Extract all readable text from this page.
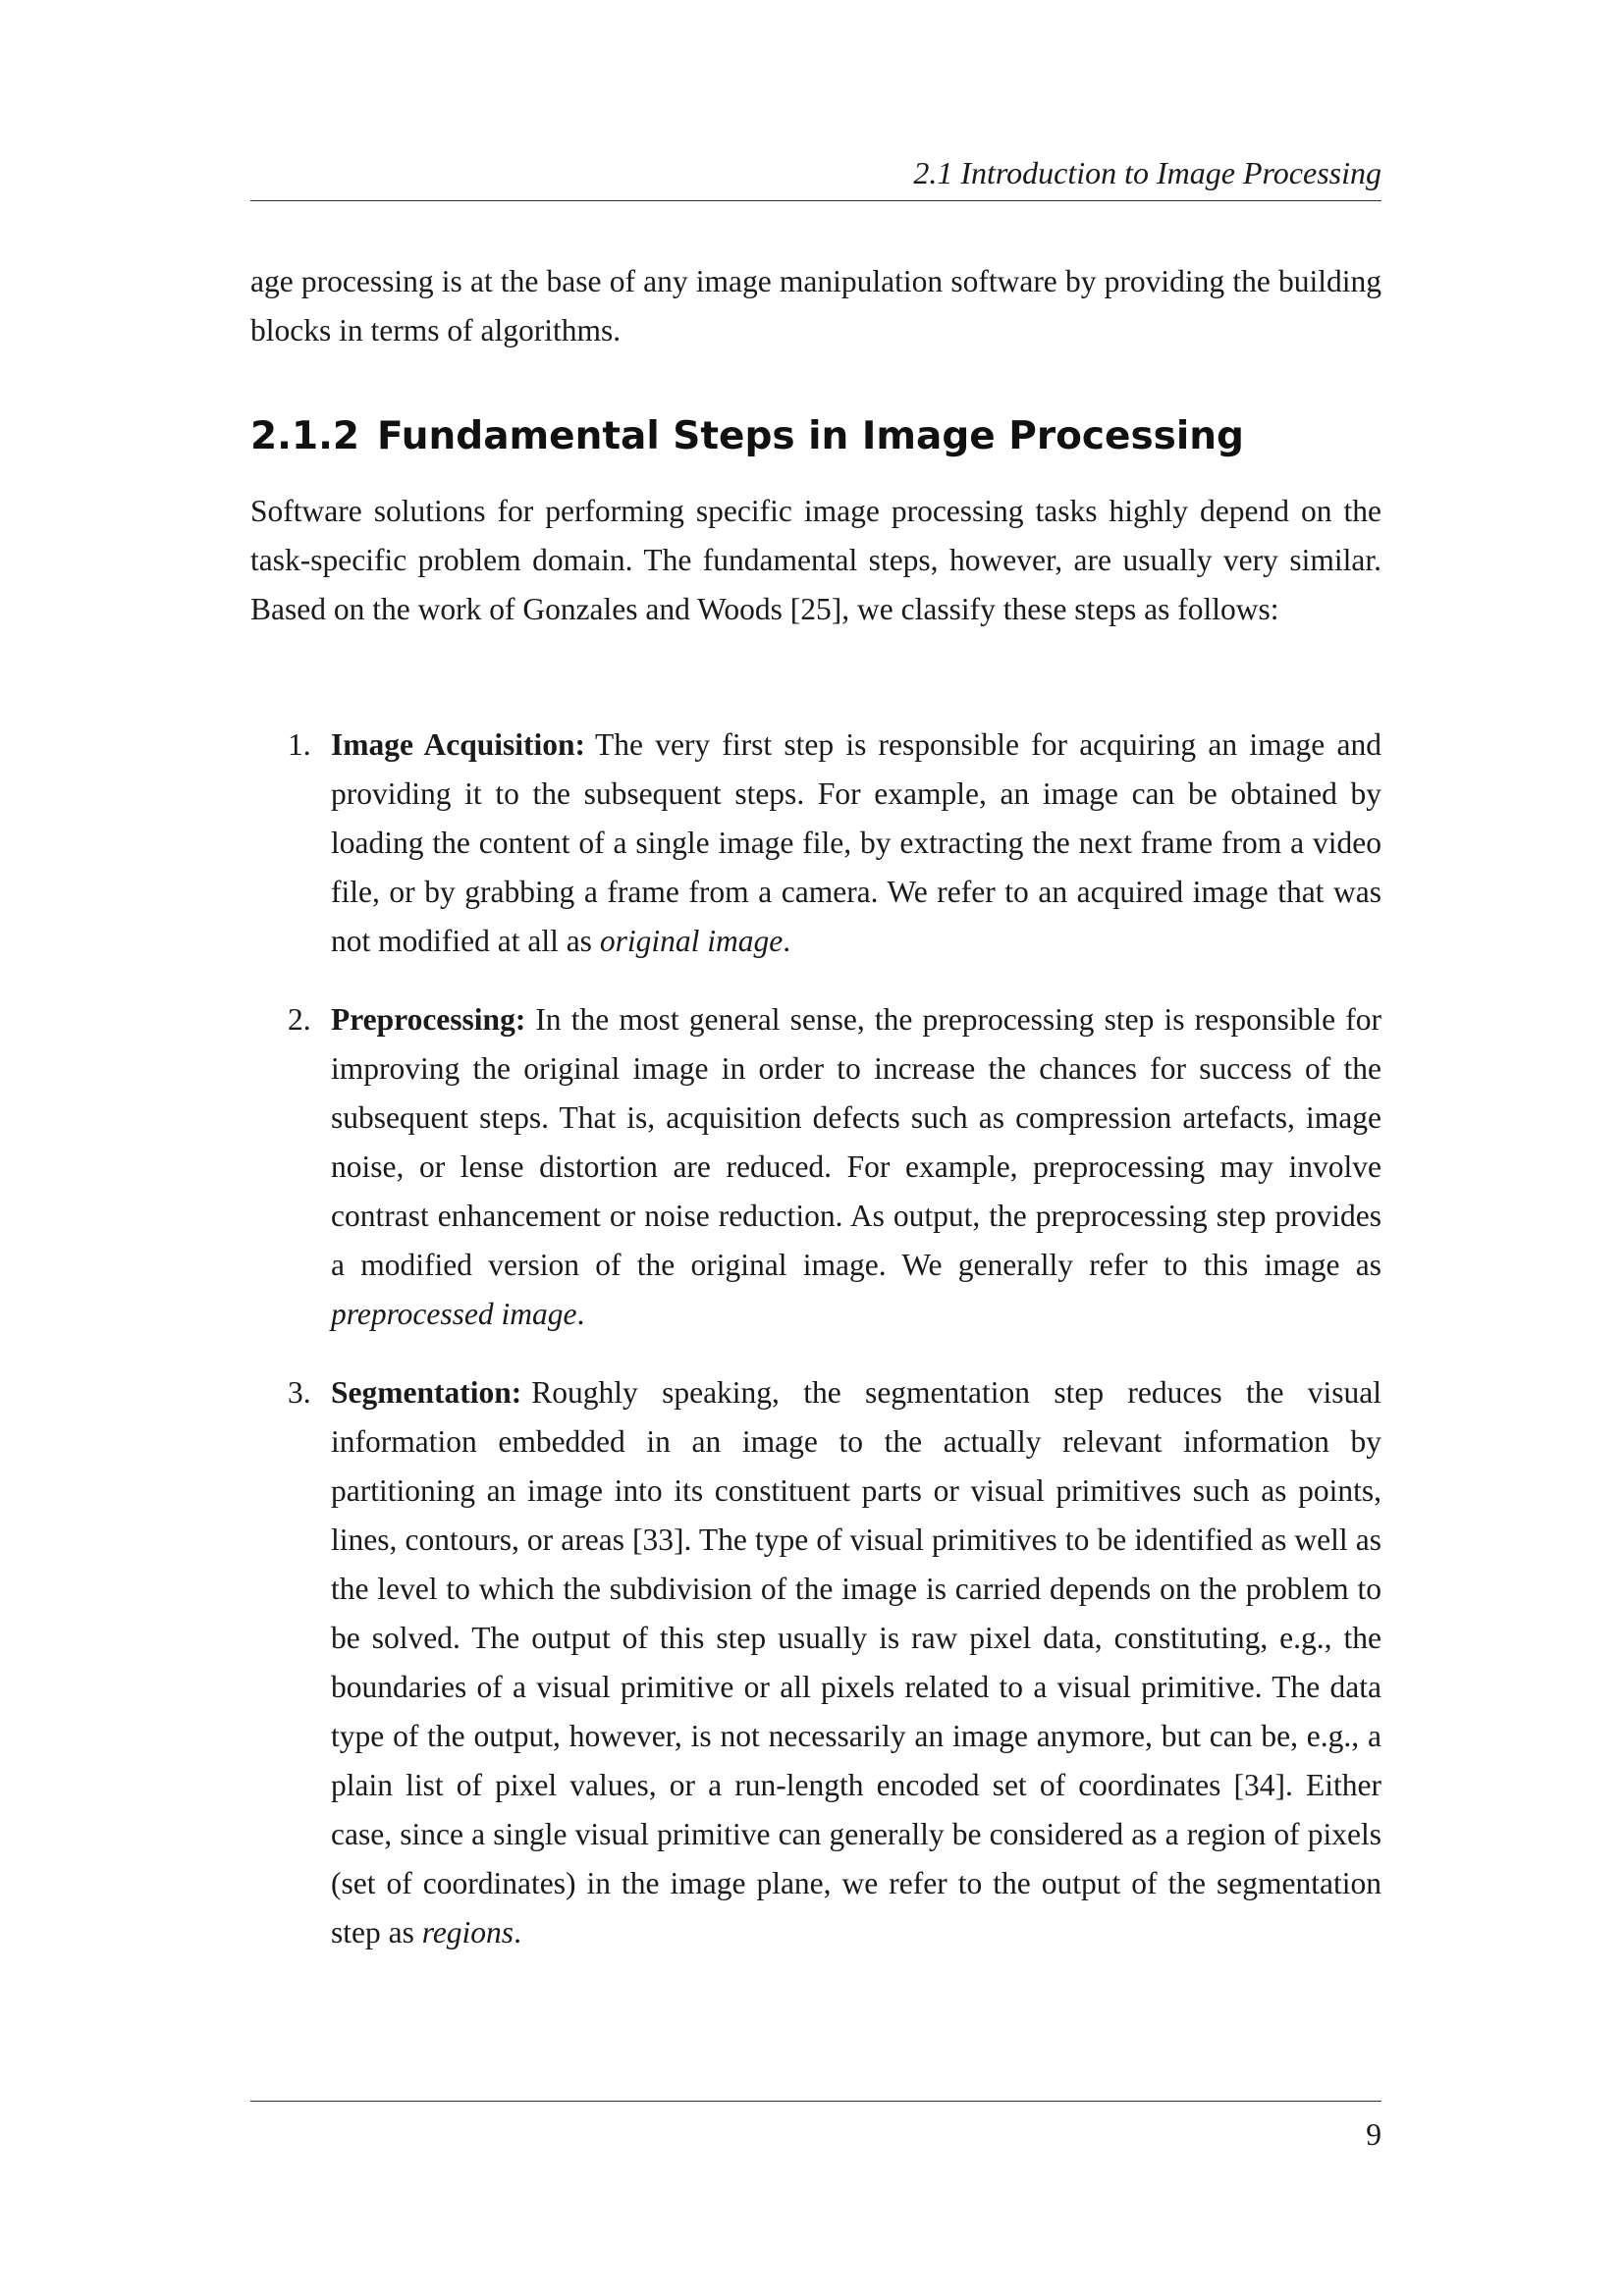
2.1 Introduction to Image Processing

age processing is at the base of any image manipulation software by providing the building blocks in terms of algorithms.

2.1.2 Fundamental Steps in Image Processing

Software solutions for performing specific image processing tasks highly depend on the task-specific problem domain. The fundamental steps, however, are usually very similar. Based on the work of Gonzales and Woods [25], we classify these steps as follows:

1. Image Acquisition: The very first step is responsible for acquiring an image and providing it to the subsequent steps. For example, an image can be obtained by loading the content of a single image file, by extracting the next frame from a video file, or by grabbing a frame from a camera. We refer to an acquired image that was not modified at all as original image.
2. Preprocessing: In the most general sense, the preprocessing step is responsible for improving the original image in order to increase the chances for success of the subsequent steps. That is, acquisition defects such as compression artefacts, image noise, or lense distortion are reduced. For example, preprocessing may involve contrast enhancement or noise reduction. As output, the preprocessing step provides a modified version of the original image. We generally refer to this image as preprocessed image.
3. Segmentation: Roughly speaking, the segmentation step reduces the visual information embedded in an image to the actually relevant information by partitioning an image into its constituent parts or visual primitives such as points, lines, contours, or areas [33]. The type of visual primitives to be identified as well as the level to which the subdivision of the image is carried depends on the problem to be solved. The output of this step usually is raw pixel data, constituting, e.g., the boundaries of a visual primitive or all pixels related to a visual primitive. The data type of the output, however, is not necessarily an image anymore, but can be, e.g., a plain list of pixel values, or a run-length encoded set of coordinates [34]. Either case, since a single visual primitive can generally be considered as a region of pixels (set of coordinates) in the image plane, we refer to the output of the segmentation step as regions.
9
